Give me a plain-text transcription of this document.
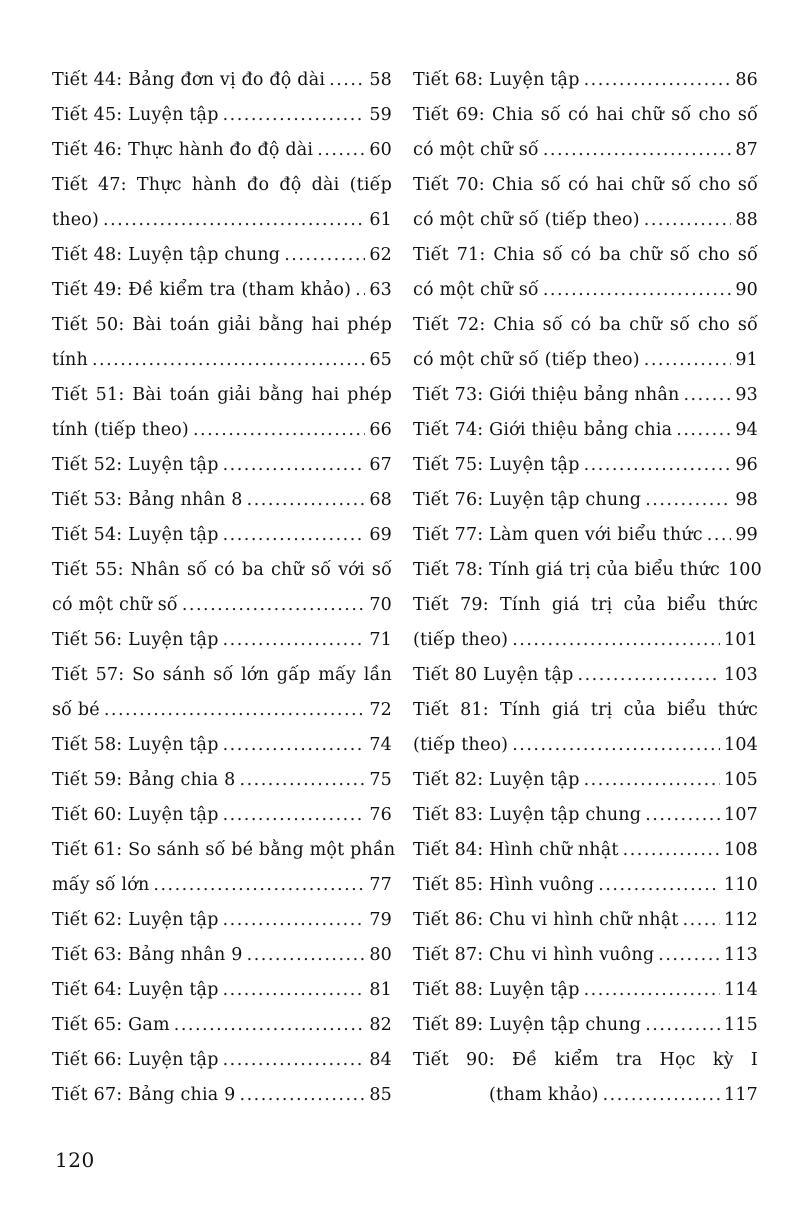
Tiết 44: Bảng đơn vị đo độ dài .....	58
Tiết 45: Luyện tập .....	59
Tiết 46: Thực hành đo độ dài .....	60
Tiết 47: Thực hành đo độ dài (tiếp
theo) .....	61
Tiết 48: Luyện tập chung .....	62
Tiết 49: Đề kiểm tra (tham khảo) ..... 63
Tiết 50: Bài toán giải bằng hai phép
tính .....	65
Tiết 51: Bài toán giải bằng hai phép
tính (tiếp theo) .....	66
Tiết 52: Luyện tập .....	67
Tiết 53: Bảng nhân 8 .....	68
Tiết 54: Luyện tập .....	69
Tiết 55: Nhân số có ba chữ số với số
có một chữ số .....	70
Tiết 56: Luyện tập .....	71
Tiết 57: So sánh số lớn gấp mấy lần
số bé .....	72
Tiết 58: Luyện tập .....	74
Tiết 59: Bảng chia 8 .....	75
Tiết 60: Luyện tập .....	76
Tiết 61: So sánh số bé bằng một phần
mấy số lớn .....	77
Tiết 62: Luyện tập .....	79
Tiết 63: Bảng nhân 9 .....	80
Tiết 64: Luyện tập .....	81
Tiết 65: Gam .....	82
Tiết 66: Luyện tập .....	84
Tiết 67: Bảng chia 9 .....	85
Tiết 68: Luyện tập .....	86
Tiết 69: Chia số có hai chữ số cho số
có một chữ số .....	87
Tiết 70: Chia số có hai chữ số cho số
có một chữ số (tiếp theo) .....	88
Tiết 71: Chia số có ba chữ số cho số
có một chữ số .....	90
Tiết 72: Chia số có ba chữ số cho số
có một chữ số (tiếp theo) .....	91
Tiết 73: Giới thiệu bảng nhân .....	93
Tiết 74: Giới thiệu bảng chia .....	94
Tiết 75: Luyện tập .....	96
Tiết 76: Luyện tập chung .....	98
Tiết 77: Làm quen với biểu thức ..... 99
Tiết 78: Tính giá trị của biểu thức 100
Tiết 79: Tính giá trị của biểu thức
(tiếp theo) .....	101
Tiết 80 Luyện tập .....	103
Tiết 81: Tính giá trị của biểu thức
(tiếp theo) .....	104
Tiết 82: Luyện tập .....	105
Tiết 83: Luyện tập chung .....	107
Tiết 84: Hình chữ nhật .....	108
Tiết 85: Hình vuông .....	110
Tiết 86: Chu vi hình chữ nhật .....	112
Tiết 87: Chu vi hình vuông .....	113
Tiết 88: Luyện tập .....	114
Tiết 89: Luyện tập chung .....	115
Tiết 90: Đề kiểm tra Học kỳ I
(tham khảo) .....	117
120
